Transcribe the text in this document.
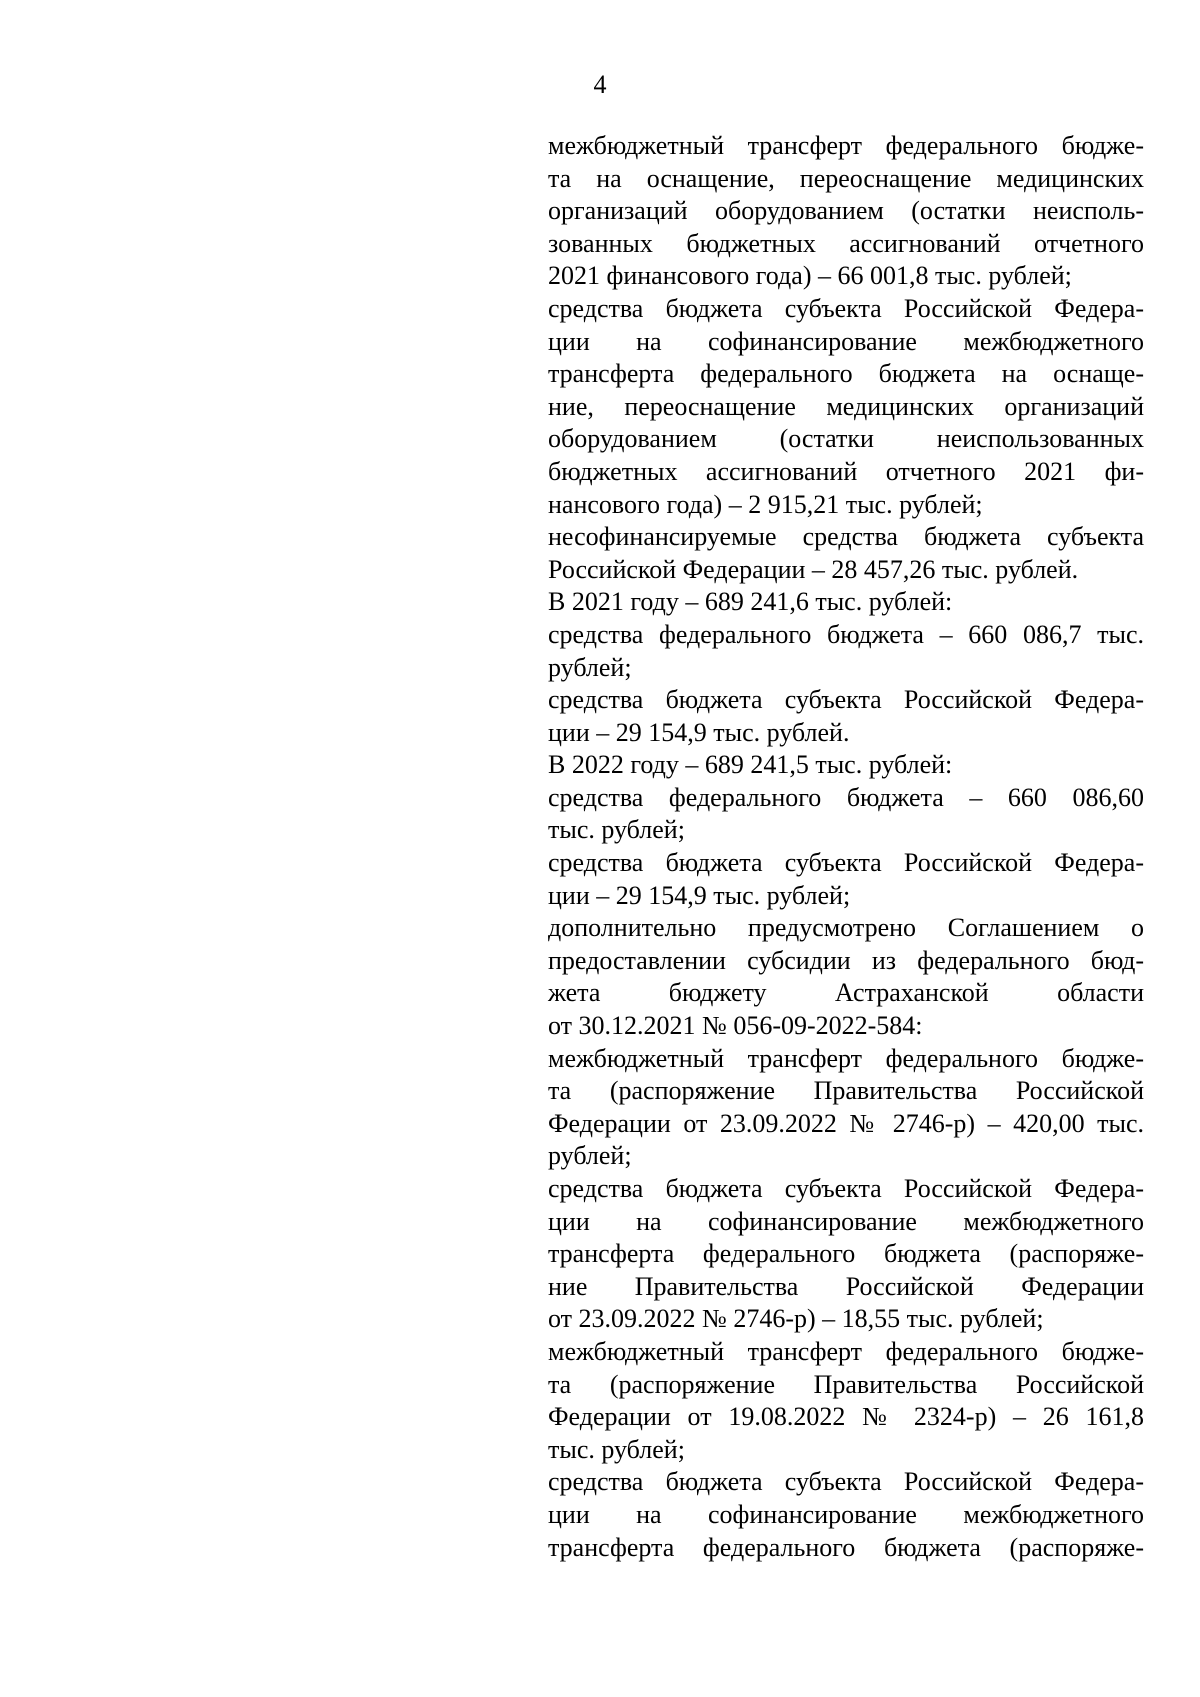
4
межбюджетный трансферт федерального бюдже-
та на оснащение, переоснащение медицинских
организаций оборудованием (остатки неисполь-
зованных бюджетных ассигнований отчетного
2021 финансового года) – 66 001,8 тыс. рублей;
средства бюджета субъекта Российской Федера-
ции на софинансирование межбюджетного
трансферта федерального бюджета на оснаще-
ние, переоснащение медицинских организаций
оборудованием (остатки неиспользованных
бюджетных ассигнований отчетного 2021 фи-
нансового года) – 2 915,21 тыс. рублей;
несофинансируемые средства бюджета субъекта
Российской Федерации – 28 457,26 тыс. рублей.
В 2021 году – 689 241,6 тыс. рублей:
средства федерального бюджета – 660 086,7 тыс.
рублей;
средства бюджета субъекта Российской Федера-
ции – 29 154,9 тыс. рублей.
В 2022 году – 689 241,5 тыс. рублей:
средства федерального бюджета – 660 086,60
тыс. рублей;
средства бюджета субъекта Российской Федера-
ции – 29 154,9 тыс. рублей;
дополнительно предусмотрено Соглашением о
предоставлении субсидии из федерального бюд-
жета бюджету Астраханской области
от 30.12.2021 № 056-09-2022-584:
межбюджетный трансферт федерального бюдже-
та (распоряжение Правительства Российской
Федерации от 23.09.2022 № 2746-р) – 420,00 тыс.
рублей;
средства бюджета субъекта Российской Федера-
ции на софинансирование межбюджетного
трансферта федерального бюджета (распоряже-
ние Правительства Российской Федерации
от 23.09.2022 № 2746-р) – 18,55 тыс. рублей;
межбюджетный трансферт федерального бюдже-
та (распоряжение Правительства Российской
Федерации от 19.08.2022 № 2324-р) – 26 161,8
тыс. рублей;
средства бюджета субъекта Российской Федера-
ции на софинансирование межбюджетного
трансферта федерального бюджета (распоряже-
